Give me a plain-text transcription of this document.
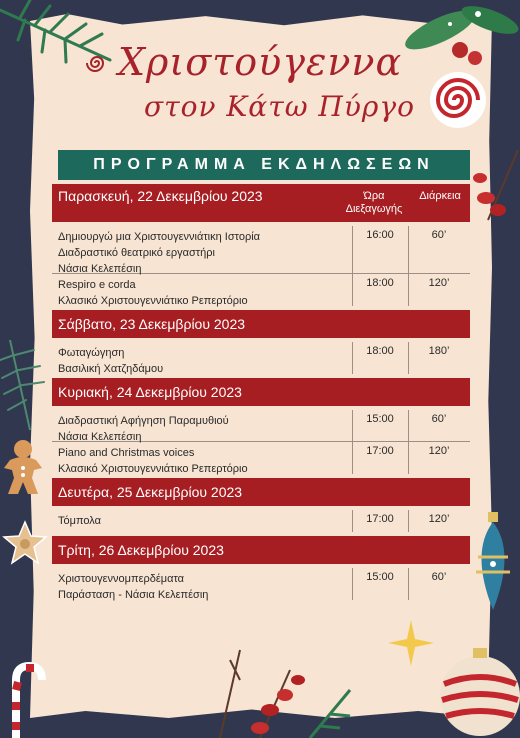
Χριστούγεννα
στον Κάτω Πύργο
ΠΡΟΓΡΑΜΜΑ ΕΚΔΗΛΩΣΕΩΝ
Παρασκευή, 22 Δεκεμβρίου 2023	Ώρα Διεξαγωγής
Διάρκεια
Δημιουργώ μια Χριστουγεννιάτικη Ιστορία
Διαδραστικό θεατρικό εργαστήρι
Νάσια Κελεπέσιη
16:00	60’
Respiro e corda
Κλασικό Χριστουγεννιάτικο Ρεπερτόριο
18:00	120’
Σάββατο, 23 Δεκεμβρίου 2023
Φωταγώγηση
Βασιλική Χατζηδάμου
18:00	180’
Κυριακή, 24 Δεκεμβρίου 2023
Διαδραστική Αφήγηση Παραμυθιού
Νάσια Κελεπέσιη
15:00	60’
Piano and Christmas voices
Κλασικό Χριστουγεννιάτικο Ρεπερτόριο
17:00	120’
Δευτέρα, 25 Δεκεμβρίου 2023
Τόμπολα	17:00	120’
Τρίτη, 26 Δεκεμβρίου 2023
Χριστουγεννομπερδέματα
Παράσταση - Νάσια Κελεπέσιη
15:00	60’
